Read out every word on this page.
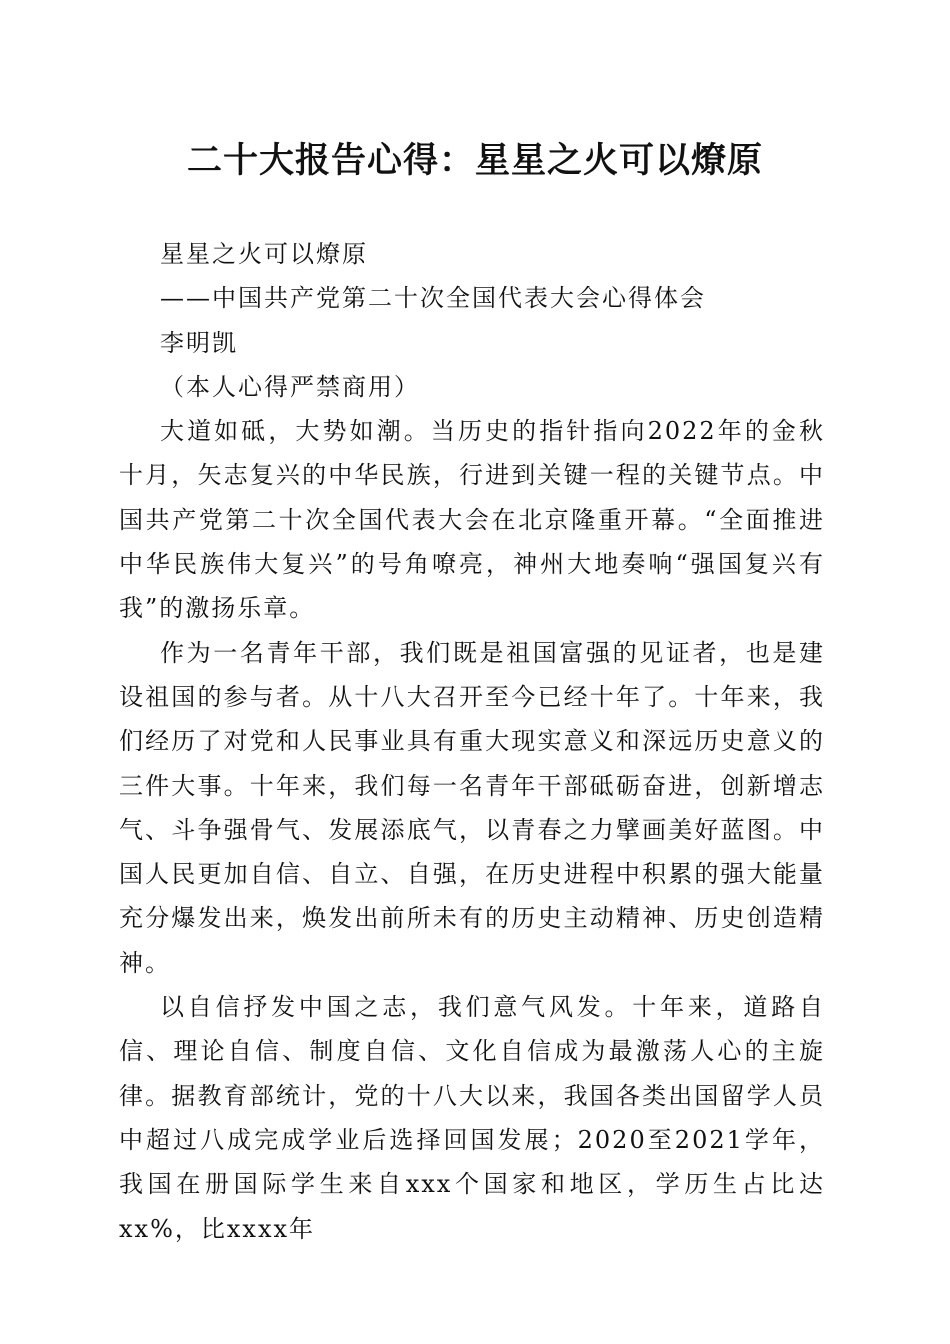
二十大报告心得：星星之火可以燎原

星星之火可以燎原

——中国共产党第二十次全国代表大会心得体会

李明凯

（本人心得严禁商用）

大道如砥，大势如潮。当历史的指针指向2022年的金秋十月，矢志复兴的中华民族，行进到关键一程的关键节点。中国共产党第二十次全国代表大会在北京隆重开幕。“全面推进中华民族伟大复兴”的号角嘹亮，神州大地奏响“强国复兴有我”的激扬乐章。

作为一名青年干部，我们既是祖国富强的见证者，也是建设祖国的参与者。从十八大召开至今已经十年了。十年来，我们经历了对党和人民事业具有重大现实意义和深远历史意义的三件大事。十年来，我们每一名青年干部砥砺奋进，创新增志气、斗争强骨气、发展添底气，以青春之力擘画美好蓝图。中国人民更加自信、自立、自强，在历史进程中积累的强大能量充分爆发出来，焕发出前所未有的历史主动精神、历史创造精神。

以自信抒发中国之志，我们意气风发。十年来，道路自信、理论自信、制度自信、文化自信成为最激荡人心的主旋律。据教育部统计，党的十八大以来，我国各类出国留学人员中超过八成完成学业后选择回国发展；2020至2021学年，我国在册国际学生来自xxx个国家和地区，学历生占比达xx%，比xxxx年
